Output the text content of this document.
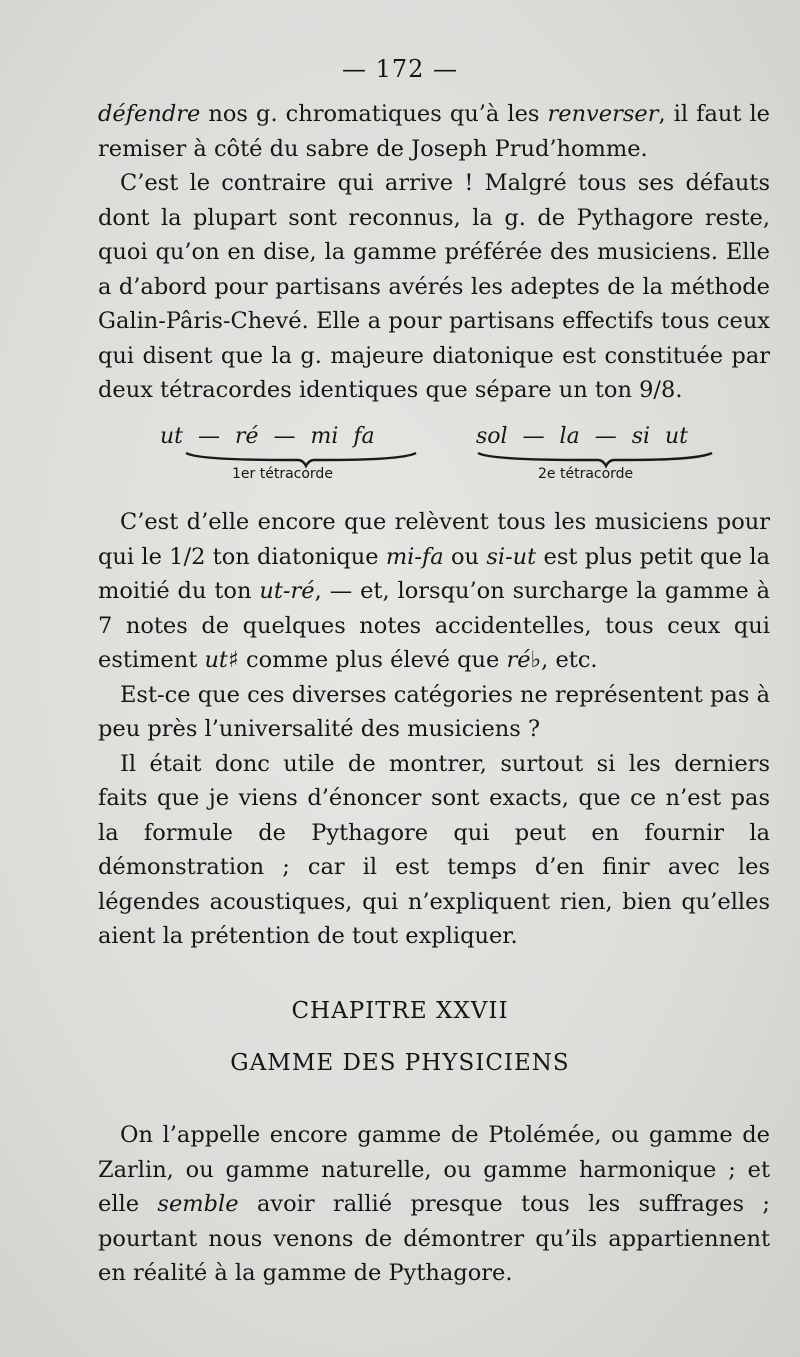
— 172 —

défendre nos g. chromatiques qu’à les renverser, il faut le remiser à côté du sabre de Joseph Prud’homme.

C’est le contraire qui arrive ! Malgré tous ses défauts dont la plupart sont reconnus, la g. de Pythagore reste, quoi qu’on en dise, la gamme préférée des musiciens. Elle a d’abord pour partisans avérés les adeptes de la méthode Galin-Pâris-Chevé. Elle a pour partisans effectifs tous ceux qui disent que la g. majeure diatonique est constituée par deux tétracordes identiques que sépare un ton 9/8.

ut — ré — mi fa	sol — la — si ut
1er tétracorde	2e tétracorde

C’est d’elle encore que relèvent tous les musiciens pour qui le 1/2 ton diatonique mi-fa ou si-ut est plus petit que la moitié du ton ut-ré, — et, lorsqu’on surcharge la gamme à 7 notes de quelques notes accidentelles, tous ceux qui estiment ut♯ comme plus élevé que ré♭, etc.

Est-ce que ces diverses catégories ne représentent pas à peu près l’universalité des musiciens ?

Il était donc utile de montrer, surtout si les derniers faits que je viens d’énoncer sont exacts, que ce n’est pas la formule de Pythagore qui peut en fournir la démonstration ; car il est temps d’en finir avec les légendes acoustiques, qui n’expliquent rien, bien qu’elles aient la prétention de tout expliquer.

CHAPITRE XXVII
GAMME DES PHYSICIENS

On l’appelle encore gamme de Ptolémée, ou gamme de Zarlin, ou gamme naturelle, ou gamme harmonique ; et elle semble avoir rallié presque tous les suffrages ; pourtant nous venons de démontrer qu’ils appartiennent en réalité à la gamme de Pythagore.
